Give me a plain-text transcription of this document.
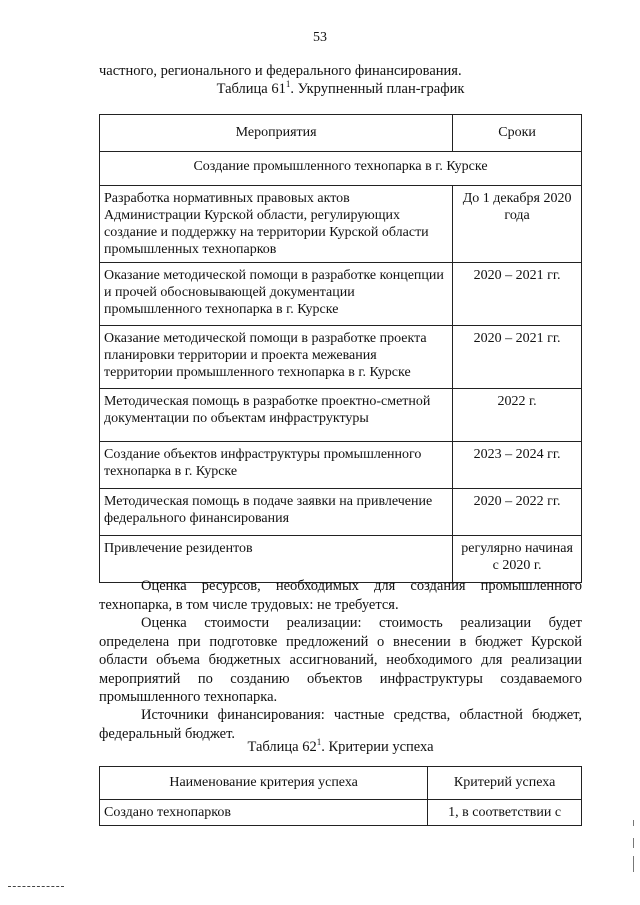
53
частного, регионального и федерального финансирования.
Таблица $61^1$. Укрупненный план-график
Мероприятия	Сроки
Создание промышленного технопарка в г. Курске	
Разработка нормативных правовых актов Администрации Курской области, регулирующих создание и поддержку на территории Курской области промышленных технопарков	До 1 декабря 2020 года
Оказание методической помощи в разработке концепции и прочей обосновывающей документации промышленного технопарка в г. Курске	2020 – 2021 гг.
Оказание методической помощи в разработке проекта планировки территории и проекта межевания территории промышленного технопарка в г. Курске	2020 – 2021 гг.
Методическая помощь в разработке проектно-сметной документации по объектам инфраструктуры	2022 г.
Создание объектов инфраструктуры промышленного технопарка в г. Курске	2023 – 2024 гг.
Методическая помощь в подаче заявки на привлечение федерального финансирования	2020 – 2022 гг.
Привлечение резидентов	регулярно начиная с 2020 г.
Оценка ресурсов, необходимых для создания промышленного технопарка, в том числе трудовых: не требуется.
Оценка стоимости реализации: стоимость реализации будет определена при подготовке предложений о внесении в бюджет Курской области объема бюджетных ассигнований, необходимого для реализации мероприятий по созданию объектов инфраструктуры создаваемого промышленного технопарка.
Источники финансирования: частные средства, областной бюджет, федеральный бюджет.
Таблица $62^1$. Критерии успеха
Наименование критерия успеха	Критерий успеха
Создано технопарков	1, в соответствии с
